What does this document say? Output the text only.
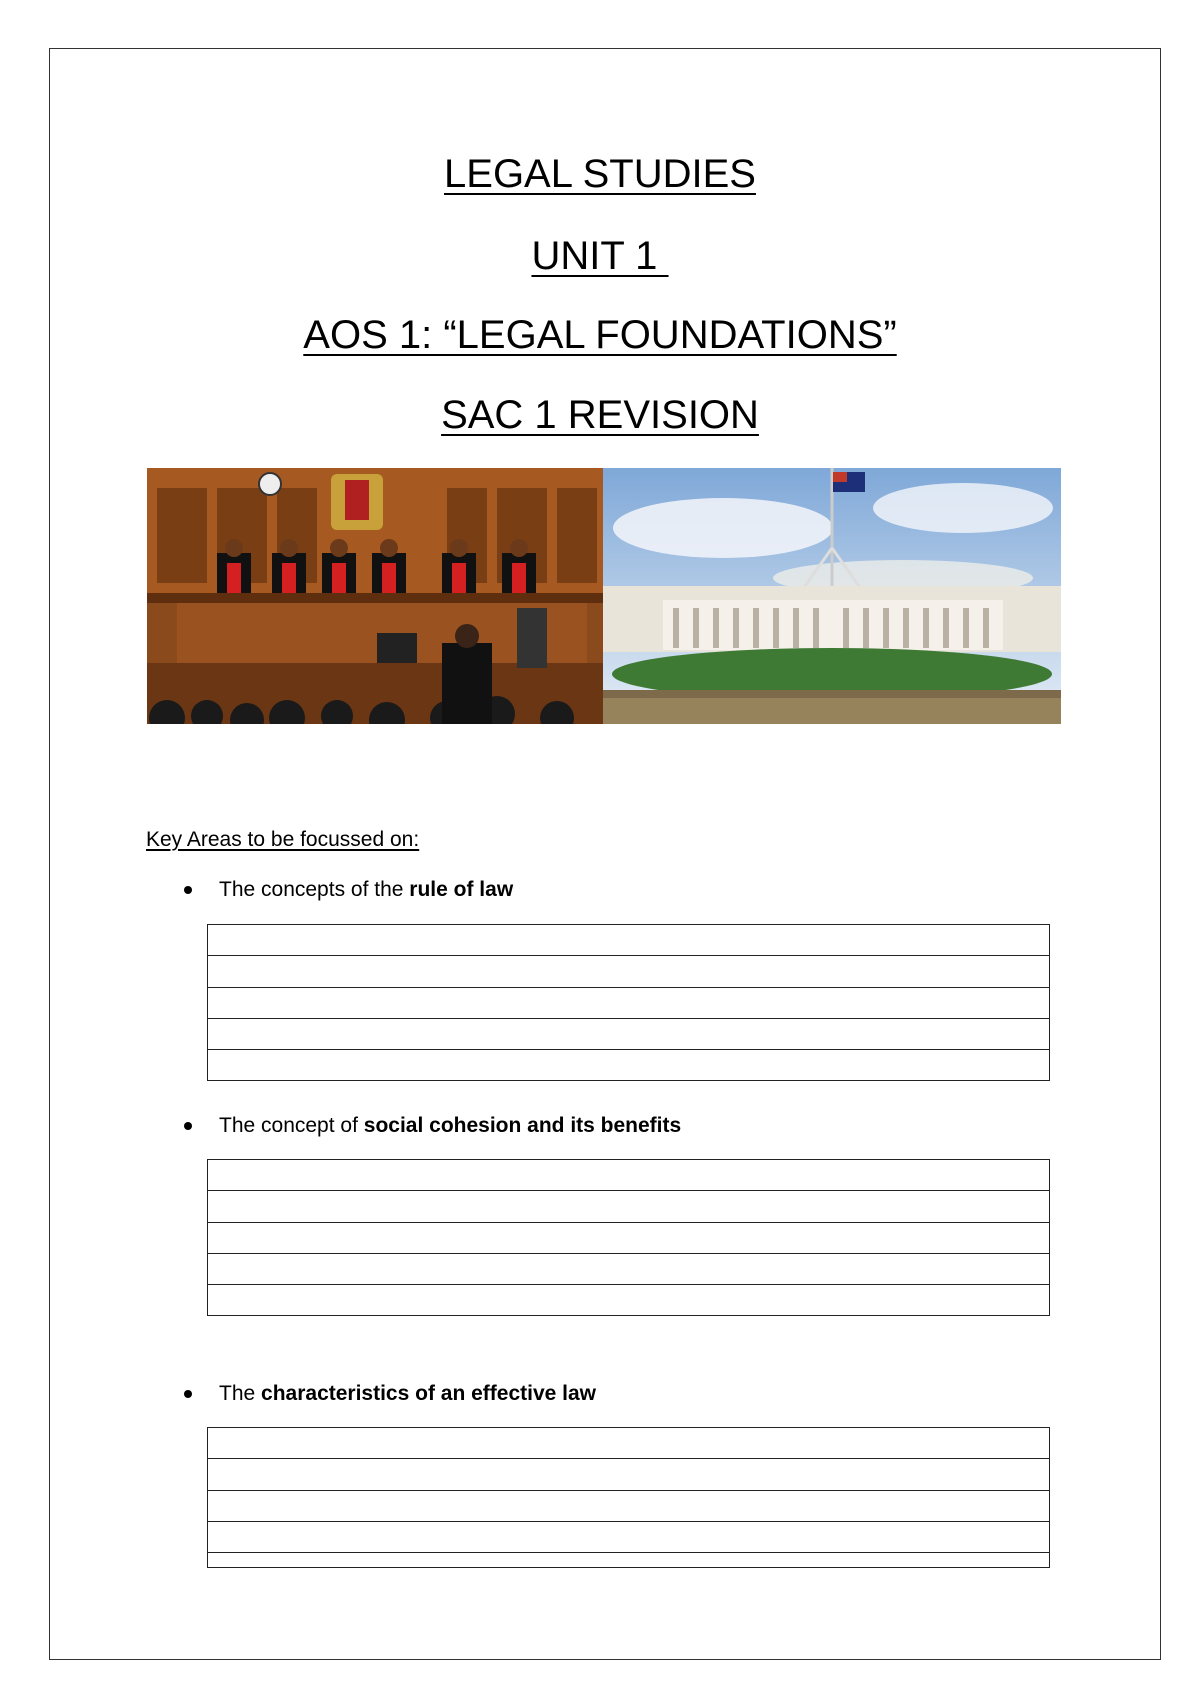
LEGAL STUDIES
UNIT 1
AOS 1: “LEGAL FOUNDATIONS”
SAC 1 REVISION
Key Areas to be focussed on:
The concepts of the rule of law
The concept of social cohesion and its benefits
The characteristics of an effective law
